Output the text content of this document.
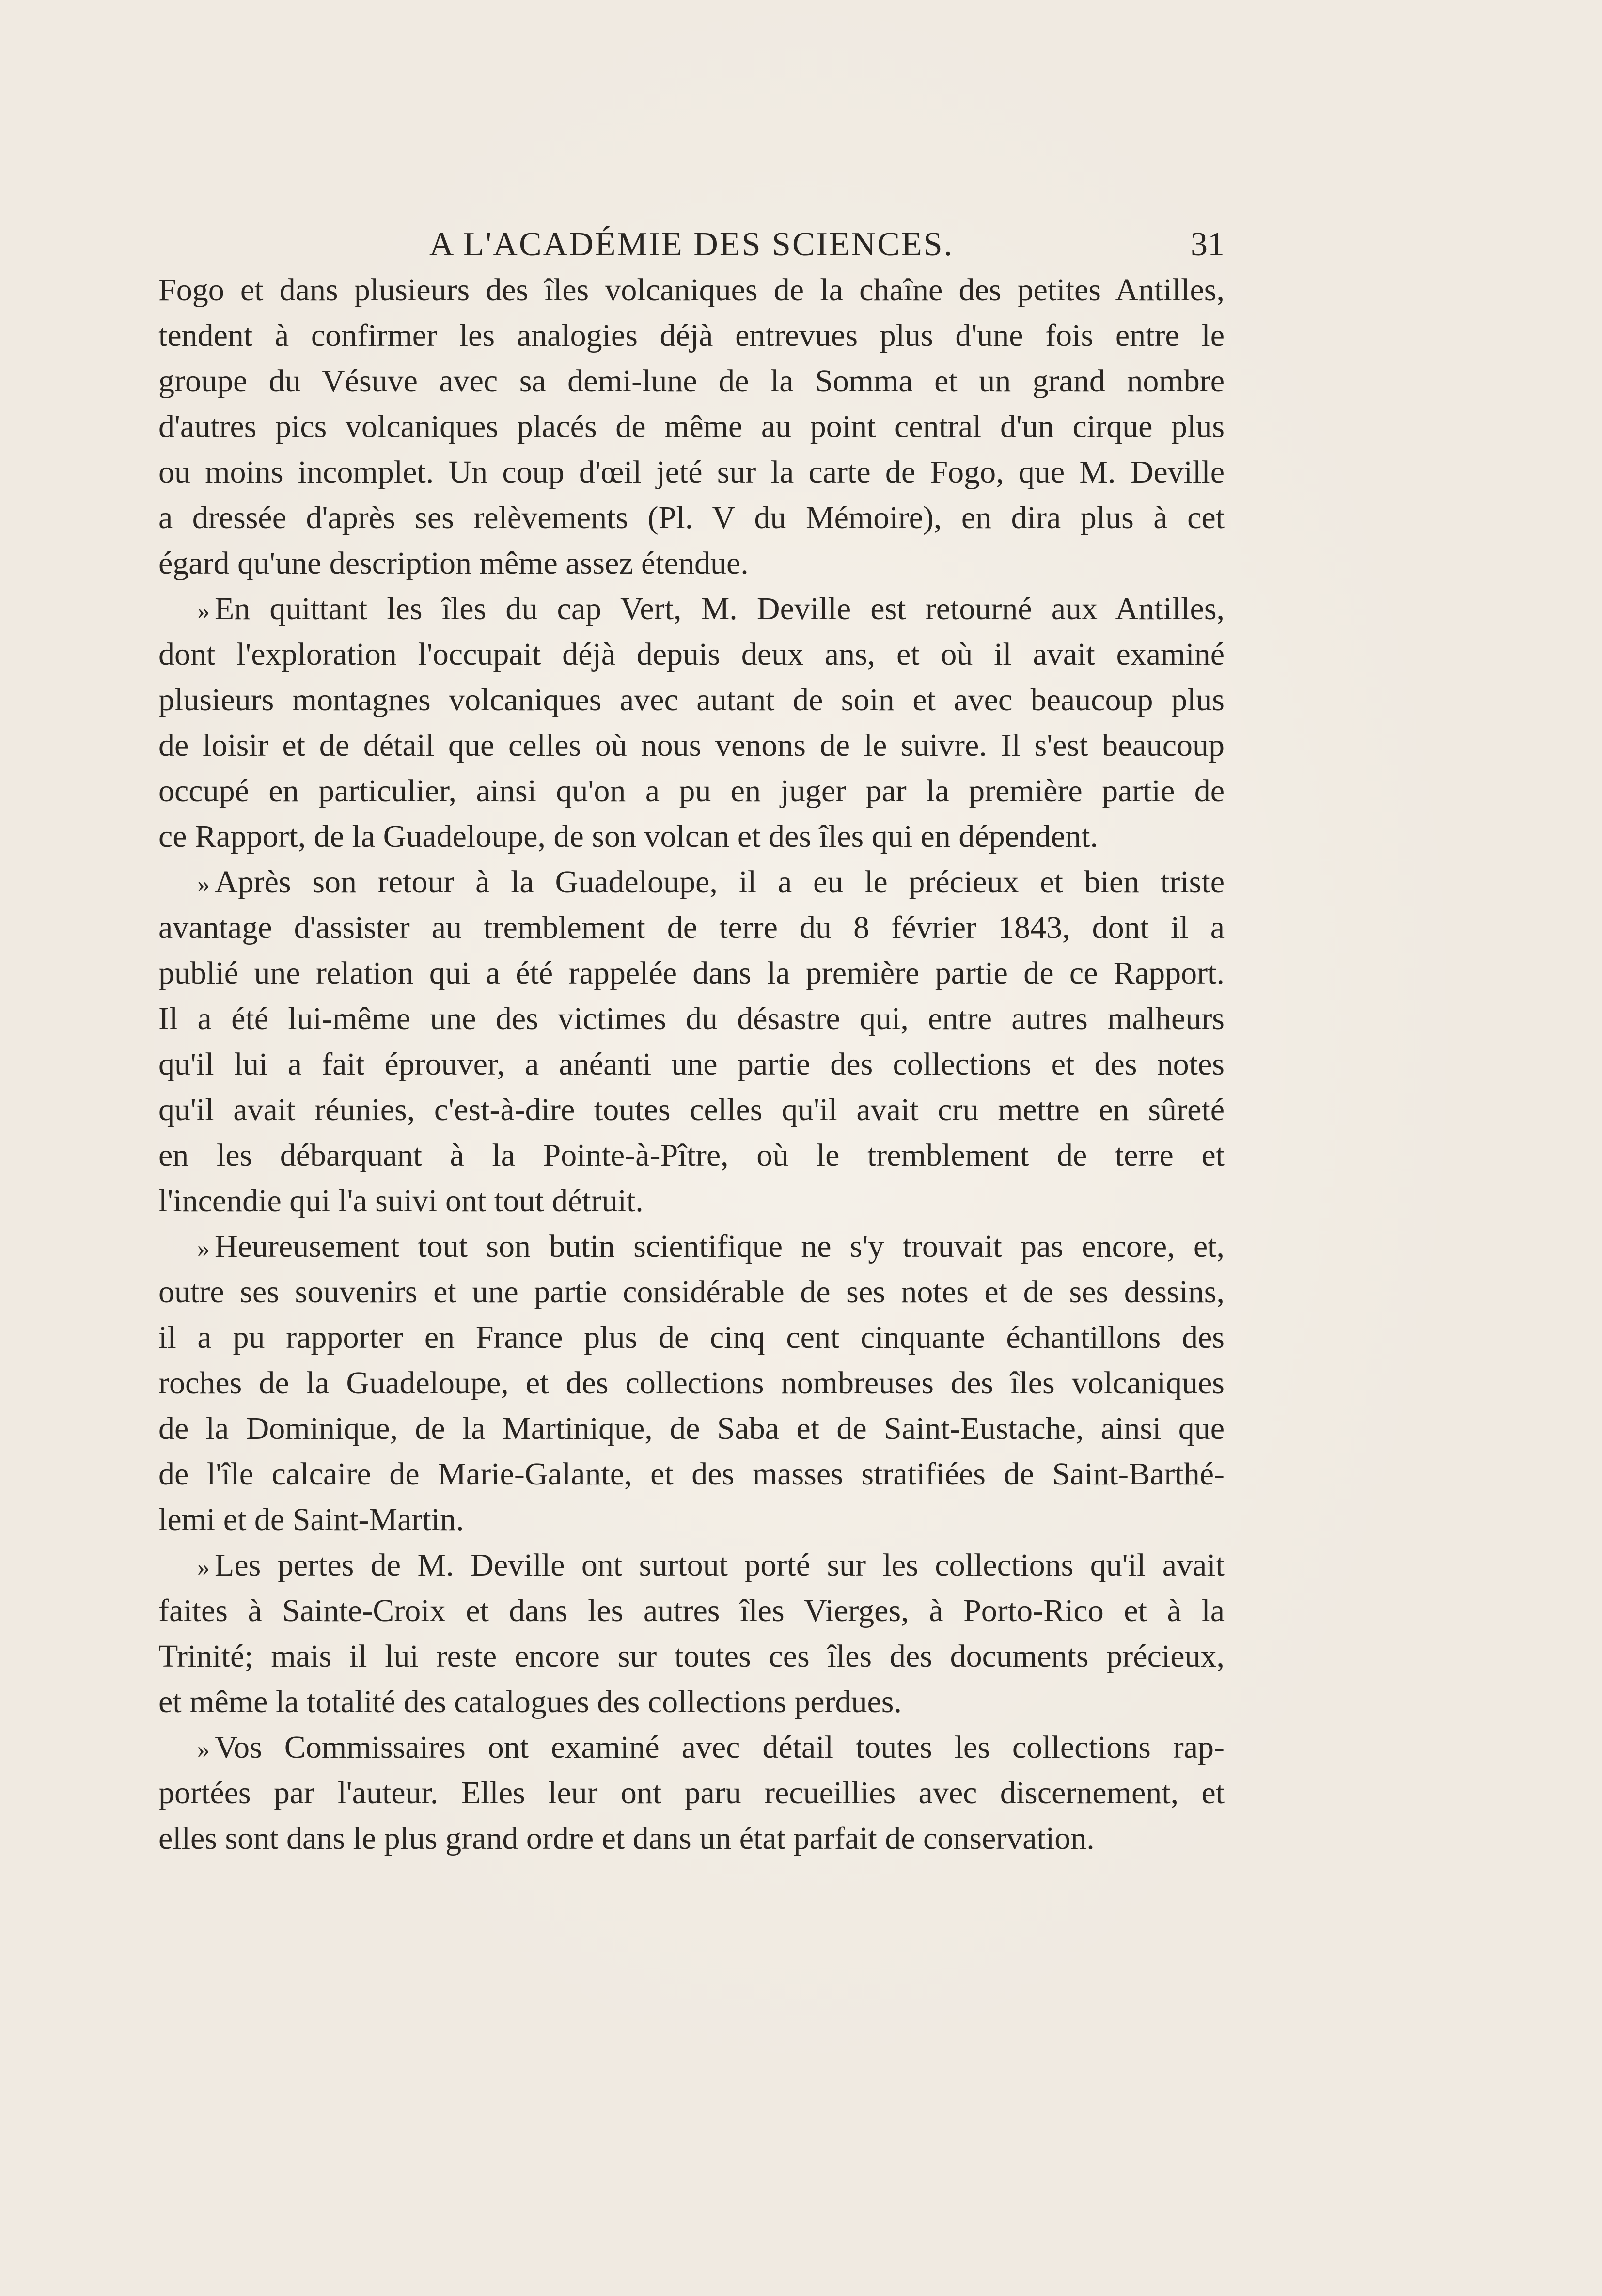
A L'ACADÉMIE DES SCIENCES.	31
Fogo et dans plusieurs des îles volcaniques de la chaîne des petites Antilles,
tendent à confirmer les analogies déjà entrevues plus d'une fois entre le
groupe du Vésuve avec sa demi-lune de la Somma et un grand nombre
d'autres pics volcaniques placés de même au point central d'un cirque plus
ou moins incomplet. Un coup d'œil jeté sur la carte de Fogo, que M. Deville
a dressée d'après ses relèvements (Pl. V du Mémoire), en dira plus à cet
égard qu'une description même assez étendue.
» En quittant les îles du cap Vert, M. Deville est retourné aux Antilles,
dont l'exploration l'occupait déjà depuis deux ans, et où il avait examiné
plusieurs montagnes volcaniques avec autant de soin et avec beaucoup plus
de loisir et de détail que celles où nous venons de le suivre. Il s'est beaucoup
occupé en particulier, ainsi qu'on a pu en juger par la première partie de
ce Rapport, de la Guadeloupe, de son volcan et des îles qui en dépendent.
» Après son retour à la Guadeloupe, il a eu le précieux et bien triste
avantage d'assister au tremblement de terre du 8 février 1843, dont il a
publié une relation qui a été rappelée dans la première partie de ce Rapport.
Il a été lui-même une des victimes du désastre qui, entre autres malheurs
qu'il lui a fait éprouver, a anéanti une partie des collections et des notes
qu'il avait réunies, c'est-à-dire toutes celles qu'il avait cru mettre en sûreté
en les débarquant à la Pointe-à-Pître, où le tremblement de terre et
l'incendie qui l'a suivi ont tout détruit.
» Heureusement tout son butin scientifique ne s'y trouvait pas encore, et,
outre ses souvenirs et une partie considérable de ses notes et de ses dessins,
il a pu rapporter en France plus de cinq cent cinquante échantillons des
roches de la Guadeloupe, et des collections nombreuses des îles volcaniques
de la Dominique, de la Martinique, de Saba et de Saint-Eustache, ainsi que
de l'île calcaire de Marie-Galante, et des masses stratifiées de Saint-Barthé-
lemi et de Saint-Martin.
» Les pertes de M. Deville ont surtout porté sur les collections qu'il avait
faites à Sainte-Croix et dans les autres îles Vierges, à Porto-Rico et à la
Trinité; mais il lui reste encore sur toutes ces îles des documents précieux,
et même la totalité des catalogues des collections perdues.
» Vos Commissaires ont examiné avec détail toutes les collections rap-
portées par l'auteur. Elles leur ont paru recueillies avec discernement, et
elles sont dans le plus grand ordre et dans un état parfait de conservation.
